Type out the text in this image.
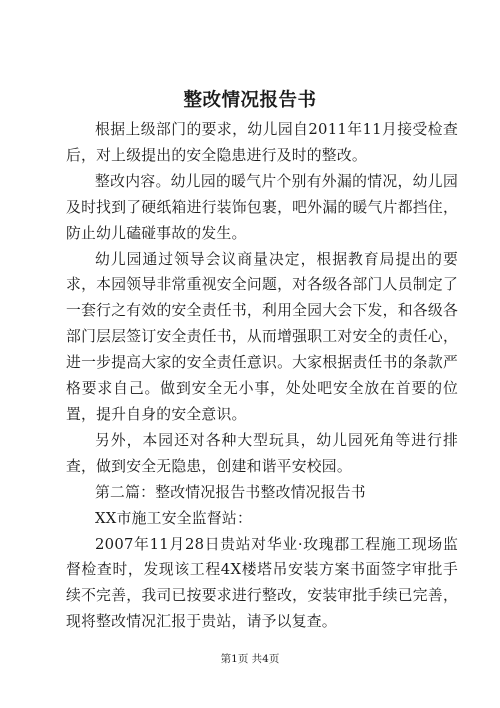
整改情况报告书

根据上级部门的要求，幼儿园自2011年11月接受检查后，对上级提出的安全隐患进行及时的整改。

整改内容。幼儿园的暖气片个别有外漏的情况，幼儿园及时找到了硬纸箱进行装饰包裹，吧外漏的暖气片都挡住，防止幼儿磕碰事故的发生。

幼儿园通过领导会议商量决定，根据教育局提出的要求，本园领导非常重视安全问题，对各级各部门人员制定了一套行之有效的安全责任书，利用全园大会下发，和各级各部门层层签订安全责任书，从而增强职工对安全的责任心，进一步提高大家的安全责任意识。大家根据责任书的条款严格要求自己。做到安全无小事，处处吧安全放在首要的位置，提升自身的安全意识。

另外，本园还对各种大型玩具，幼儿园死角等进行排查，做到安全无隐患，创建和谐平安校园。

第二篇：整改情况报告书整改情况报告书

XX市施工安全监督站：

2007年11月28日贵站对华业·玫瑰郡工程施工现场监督检查时，发现该工程4X楼塔吊安装方案书面签字审批手续不完善，我司已按要求进行整改，安装审批手续已完善，现将整改情况汇报于贵站，请予以复查。

第1页 共4页
